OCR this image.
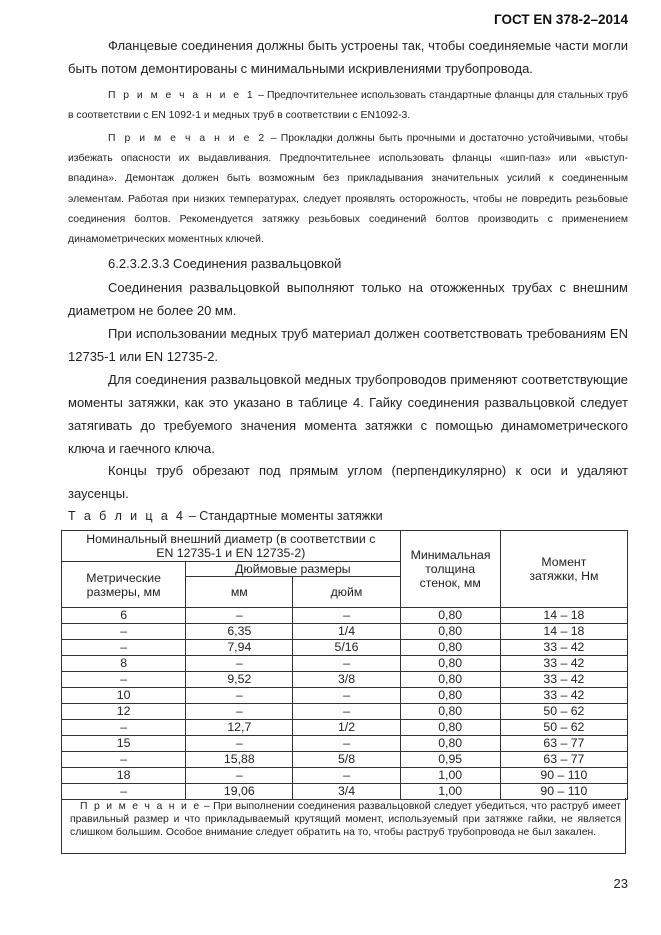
ГОСТ EN 378-2–2014
Фланцевые соединения должны быть устроены так, чтобы соединяемые части могли быть потом демонтированы с минимальными искривлениями трубопровода.
П р и м е ч а н и е 1 – Предпочтительнее использовать стандартные фланцы для стальных труб в соответствии с EN 1092-1 и медных труб в соответствии с EN1092-3.
П р и м е ч а н и е 2 – Прокладки должны быть прочными и достаточно устойчивыми, чтобы избежать опасности их выдавливания. Предпочтительнее использовать фланцы «шип-паз» или «выступ-впадина». Демонтаж должен быть возможным без прикладывания значительных усилий к соединенным элементам. Работая при низких температурах, следует проявлять осторожность, чтобы не повредить резьбовые соединения болтов. Рекомендуется затяжку резьбовых соединений болтов производить с применением динамометрических моментных ключей.
6.2.3.2.3.3 Соединения развальцовкой
Соединения развальцовкой выполняют только на отожженных трубах с внешним диаметром не более 20 мм.
При использовании медных труб материал должен соответствовать требованиям EN 12735-1 или EN 12735-2.
Для соединения развальцовкой медных трубопроводов применяют соответствующие моменты затяжки, как это указано в таблице 4. Гайку соединения развальцовкой следует затягивать до требуемого значения момента затяжки с помощью динамометрического ключа и гаечного ключа.
Концы труб обрезают под прямым углом (перпендикулярно) к оси и удаляют заусенцы.
Т а б л и ц а 4 – Стандартные моменты затяжки
Номинальный внешний диаметр (в соответствии с EN 12735-1 и EN 12735-2)			Минимальная толщина стенок, мм	Момент затяжки, Нм
Метрические размеры, мм	Дюймовые размеры			
	мм	дюйм		
6	–	–	0,80	14 – 18
–	6,35	1/4	0,80	14 – 18
–	7,94	5/16	0,80	33 – 42
8	–	–	0,80	33 – 42
–	9,52	3/8	0,80	33 – 42
10	–	–	0,80	33 – 42
12	–	–	0,80	50 – 62
–	12,7	1/2	0,80	50 – 62
15	–	–	0,80	63 – 77
–	15,88	5/8	0,95	63 – 77
18	–	–	1,00	90 – 110
–	19,06	3/4	1,00	90 – 110
П р и м е ч а н и е – При выполнении соединения развальцовкой следует убедиться, что раструб имеет правильный размер и что прикладываемый крутящий момент, используемый при затяжке гайки, не является слишком большим. Особое внимание следует обратить на то, чтобы раструб трубопровода не был закален.
23
